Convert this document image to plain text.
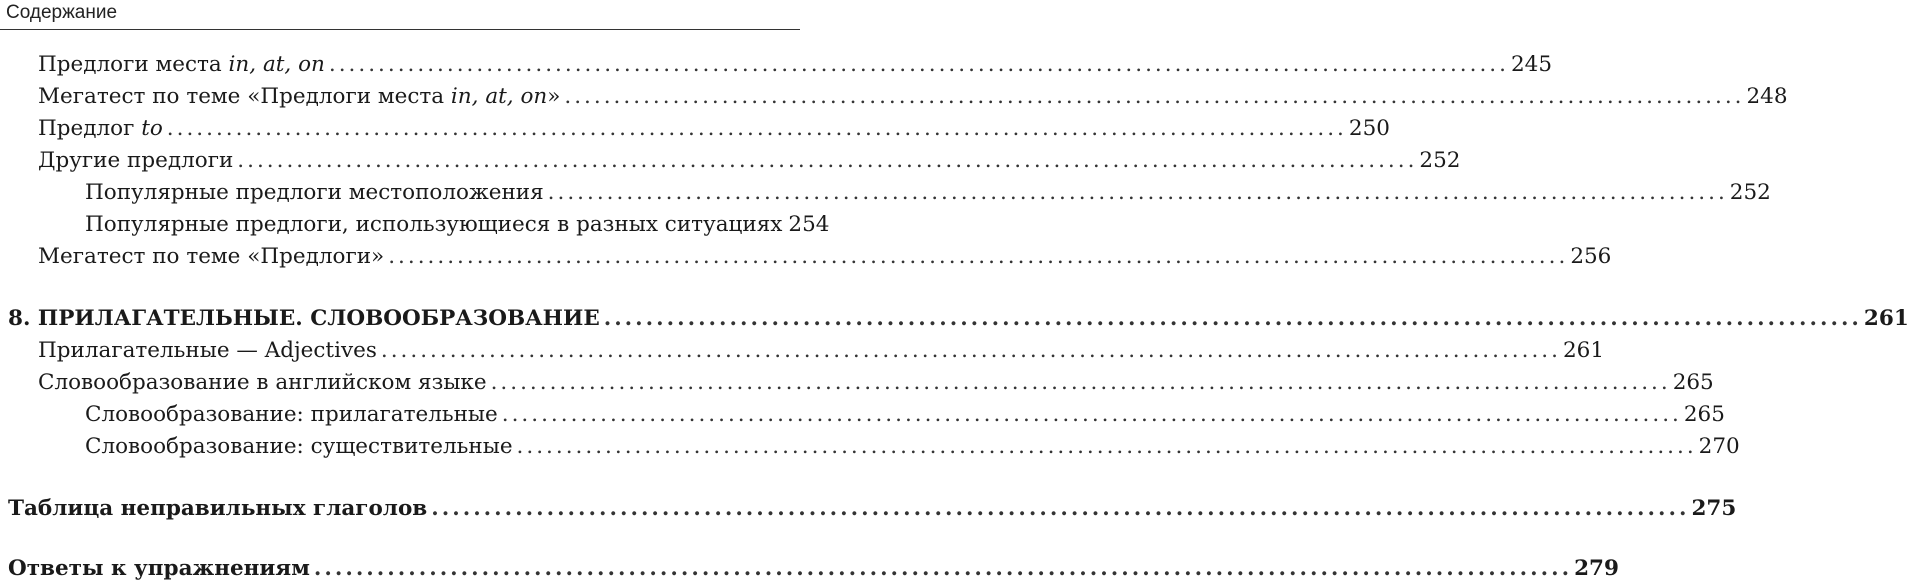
Содержание
Предлоги места in, at, on ........................................................................................................................ 245
Мегатест по теме «Предлоги места in, at, on» ........................................................................................................................ 248
Предлог to ........................................................................................................................ 250
Другие предлоги ........................................................................................................................ 252
Популярные предлоги местоположения ........................................................................................................................ 252
Популярные предлоги, использующиеся в разных ситуациях 254
Мегатест по теме «Предлоги» ........................................................................................................................ 256
8. ПРИЛАГАТЕЛЬНЫЕ. СЛОВООБРАЗОВАНИЕ ........................................................................................................................ 261
Прилагательные — Adjectives ........................................................................................................................ 261
Словообразование в английском языке ........................................................................................................................ 265
Словообразование: прилагательные ........................................................................................................................ 265
Словообразование: существительные ........................................................................................................................ 270
Таблица неправильных глаголов ........................................................................................................................ 275
Ответы к упражнениям ........................................................................................................................ 279
